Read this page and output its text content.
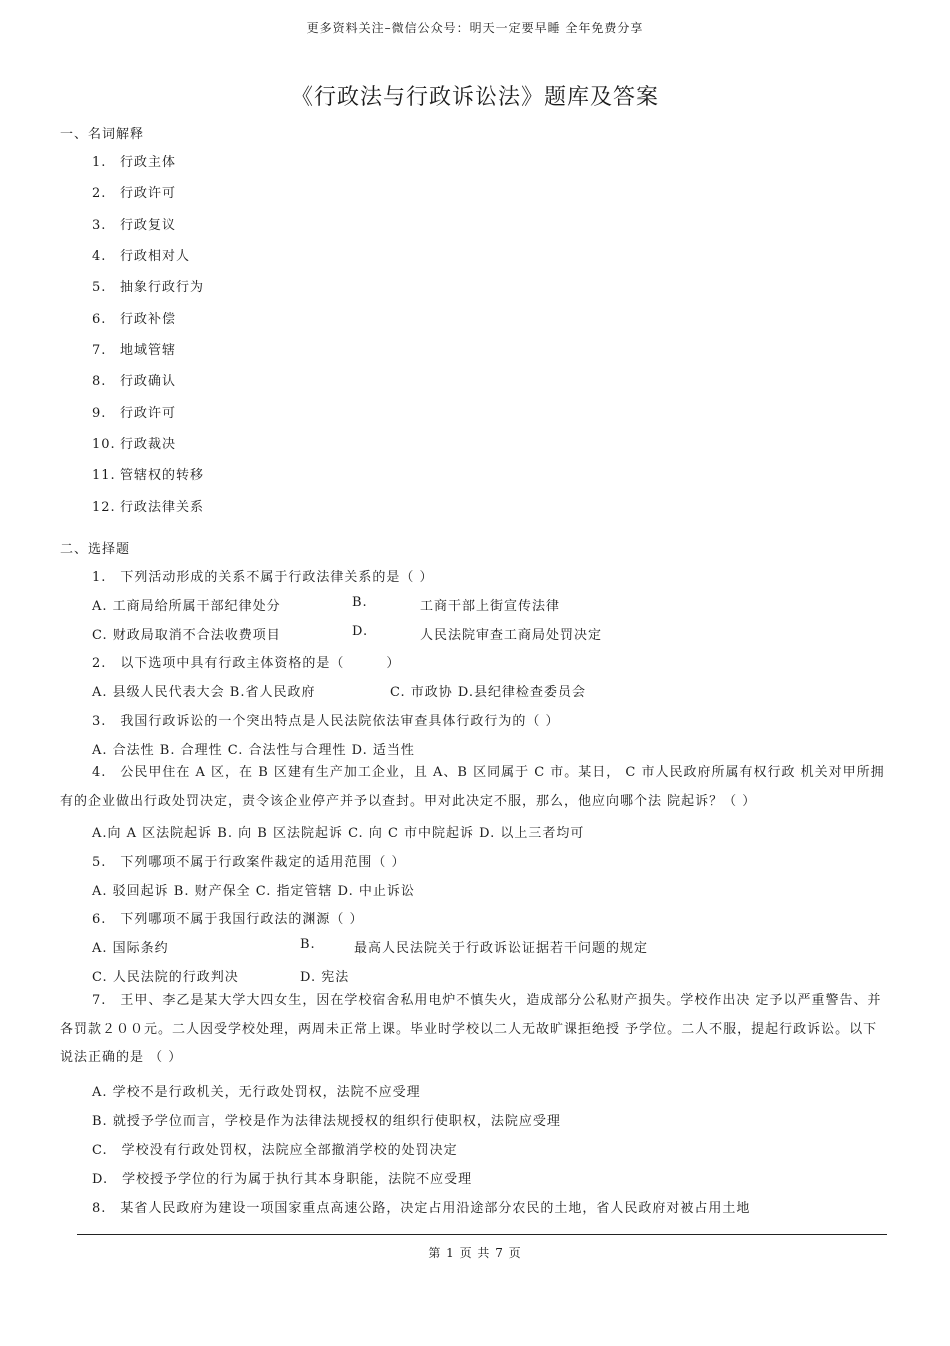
更多资料关注–微信公众号：明天一定要早睡 全年免费分享
《行政法与行政诉讼法》题库及答案
一、名词解释
1. 行政主体
2. 行政许可
3. 行政复议
4. 行政相对人
5. 抽象行政行为
6. 行政补偿
7. 地域管辖
8. 行政确认
9. 行政许可
10. 行政裁决
11. 管辖权的转移
12. 行政法律关系
二、选择题
1.　下列活动形成的关系不属于行政法律关系的是（ ）
A. 工商局给所属干部纪律处分	B.	工商干部上街宣传法律
C. 财政局取消不合法收费项目	D.	人民法院审查工商局处罚决定
2.　以下选项中具有行政主体资格的是（　　　）
A. 县级人民代表大会 B.省人民政府	C. 市政协 D.县纪律检查委员会
3.　我国行政诉讼的一个突出特点是人民法院依法审查具体行政行为的（ ）
A. 合法性 B. 合理性 C. 合法性与合理性 D. 适当性
4.　公民甲住在 A 区，在 B 区建有生产加工企业，且 A、B 区同属于 C 市。某日， C 市人民政府所属有权行政 机关对甲所拥有的企业做出行政处罚决定，责令该企业停产并予以查封。甲对此决定不服，那么，他应向哪个法 院起诉？（ ）
A.向 A 区法院起诉 B. 向 B 区法院起诉 C. 向 C 市中院起诉 D. 以上三者均可
5.　下列哪项不属于行政案件裁定的适用范围（ ）
A. 驳回起诉 B. 财产保全 C. 指定管辖 D. 中止诉讼
6.　下列哪项不属于我国行政法的渊源（ ）
A. 国际条约	B.	最高人民法院关于行政诉讼证据若干问题的规定
C. 人民法院的行政判决	D. 宪法
7.　王甲、李乙是某大学大四女生，因在学校宿舍私用电炉不慎失火，造成部分公私财产损失。学校作出决 定予以严重警告、并各罚款２００元。二人因受学校处理，两周未正常上课。毕业时学校以二人无故旷课拒绝授 予学位。二人不服，提起行政诉讼。以下说法正确的是 （ ）
A. 学校不是行政机关，无行政处罚权，法院不应受理
B. 就授予学位而言，学校是作为法律法规授权的组织行使职权，法院应受理
C.　学校没有行政处罚权，法院应全部撤消学校的处罚决定
D.　学校授予学位的行为属于执行其本身职能，法院不应受理
8.　某省人民政府为建设一项国家重点高速公路，决定占用沿途部分农民的土地，省人民政府对被占用土地
第 1 页 共 7 页
